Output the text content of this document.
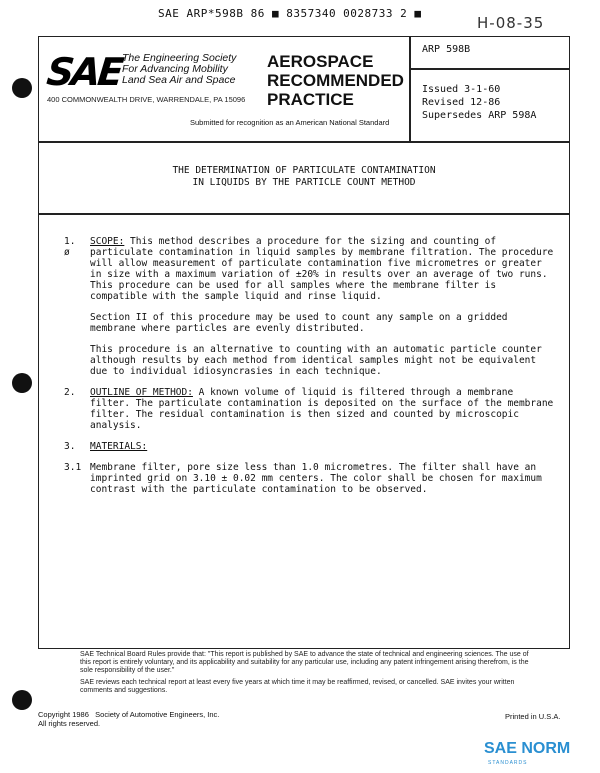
SAE ARP*598B 86 ■ 8357340 0028733 2 ■
H-08-35
SAE
The Engineering Society
For Advancing Mobility
Land Sea Air and Space
400 COMMONWEALTH DRIVE, WARRENDALE, PA 15096
AEROSPACE
RECOMMENDED
PRACTICE
Submitted for recognition as an American National Standard
ARP 598B
Issued 3-1-60
Revised 12-86
Supersedes ARP 598A
THE DETERMINATION OF PARTICULATE CONTAMINATION
IN LIQUIDS BY THE PARTICLE COUNT METHOD
1.
ø
SCOPE: This method describes a procedure for the sizing and counting of particulate contamination in liquid samples by membrane filtration. The procedure will allow measurement of particulate contamination five micrometres or greater in size with a maximum variation of ±20% in results over an average of two runs. This procedure can be used for all samples where the membrane filter is compatible with the sample liquid and rinse liquid.
Section II of this procedure may be used to count any sample on a gridded membrane where particles are evenly distributed.
This procedure is an alternative to counting with an automatic particle counter although results by each method from identical samples might not be equivalent due to individual idiosyncrasies in each technique.
2. OUTLINE OF METHOD: A known volume of liquid is filtered through a membrane filter. The particulate contamination is deposited on the surface of the membrane filter. The residual contamination is then sized and counted by microscopic analysis.
3. MATERIALS:
3.1 Membrane filter, pore size less than 1.0 micrometres. The filter shall have an imprinted grid on 3.10 ± 0.02 mm centers. The color shall be chosen for maximum contrast with the particulate contamination to be observed.

SAE Technical Board Rules provide that: "This report is published by SAE to advance the state of technical and engineering sciences. The use of this report is entirely voluntary, and its applicability and suitability for any particular use, including any patent infringement arising therefrom, is the sole responsibility of the user."

SAE reviews each technical report at least every five years at which time it may be reaffirmed, revised, or cancelled. SAE invites your written comments and suggestions.

Copyright 1986 Society of Automotive Engineers, Inc.
All rights reserved.
Printed in U.S.A.
SAE NORM
STANDARDS
